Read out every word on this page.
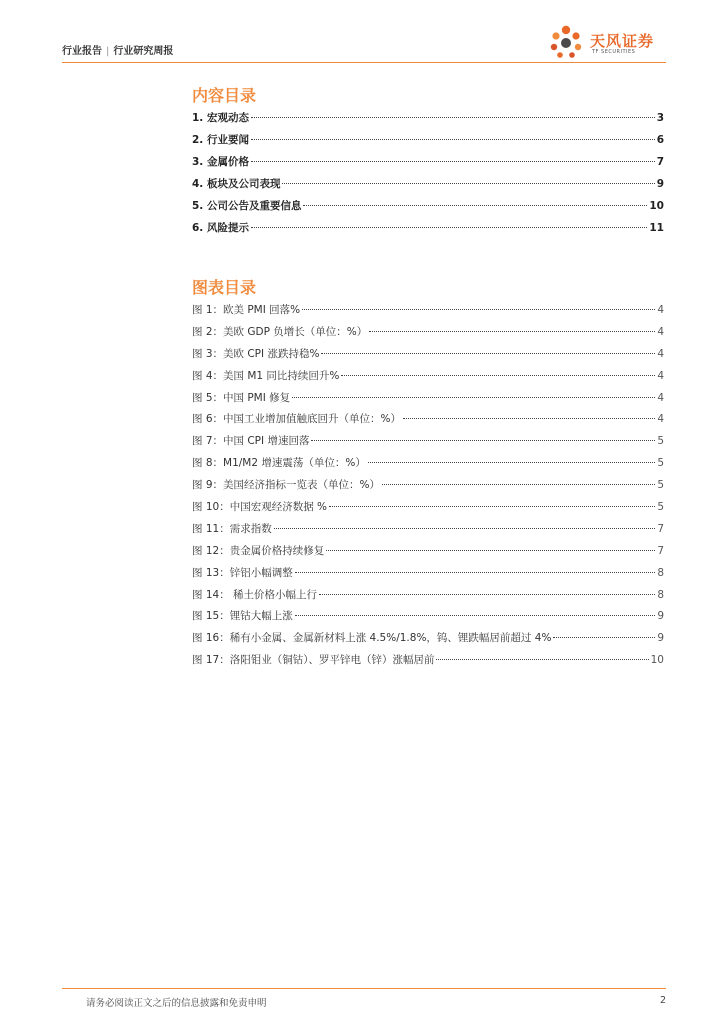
行业报告 | 行业研究周报
天风证券
TF SECURITIES
内容目录
1. 宏观动态	3
2. 行业要闻	6
3. 金属价格	7
4. 板块及公司表现	9
5. 公司公告及重要信息	10
6. 风险提示	11
图表目录
图 1：欧美 PMI 回落%	4
图 2：美欧 GDP 负增长（单位：%）	4
图 3：美欧 CPI 涨跌持稳%	4
图 4：美国 M1 同比持续回升%	4
图 5：中国 PMI 修复	4
图 6：中国工业增加值触底回升（单位：%）	4
图 7：中国 CPI 增速回落	5
图 8：M1/M2 增速震荡（单位：%）	5
图 9：美国经济指标一览表（单位：%）	5
图 10：中国宏观经济数据 %	5
图 11：需求指数	7
图 12：贵金属价格持续修复	7
图 13：锌铝小幅调整	8
图 14： 稀土价格小幅上行	8
图 15：锂钴大幅上涨	9
图 16：稀有小金属、金属新材料上涨 4.5%/1.8%，钨、锂跌幅居前超过 4%	9
图 17：洛阳钼业（铜钴）、罗平锌电（锌）涨幅居前	10
请务必阅读正文之后的信息披露和免责申明	2
